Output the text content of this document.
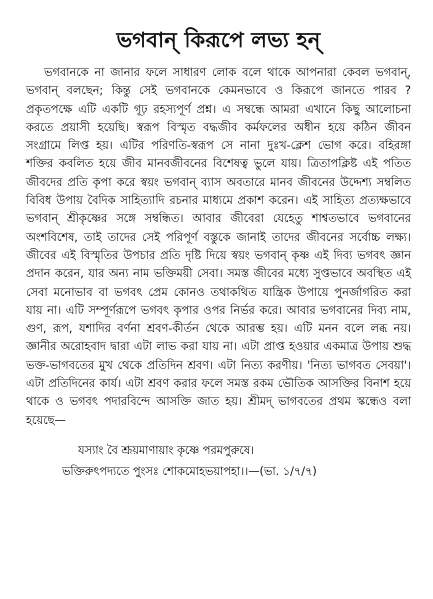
ভগবান্ কিরূপে লভ্য হন্

ভগবানকে না জানার ফলে সাধারণ লোক বলে থাকে আপনারা কেবল ভগবান্, ভগবান্ বলছেন; কিন্তু সেই ভগবানকে কেমনভাবে ও কিরূপে জানতে পারব ? প্রকৃতপক্ষে এটি একটি গূঢ় রহস্যপূর্ণ প্রশ্ন। এ সম্বন্ধে আমরা এখানে কিছু আলোচনা করতে প্রয়াসী হয়েছি। স্বরূপ বিস্মৃত বদ্ধজীব কর্মফলের অধীন হয়ে কঠিন জীবন সংগ্রামে লিপ্ত হয়। এটির পরিণতি-স্বরূপ সে নানা দুঃখ-ক্লেশ ভোগ করে। বহিরঙ্গা শক্তির কবলিত হয়ে জীব মানবজীবনের বিশেষত্ব ভুলে যায়। ত্রিতাপক্লিষ্ট এই পতিত জীবদের প্রতি কৃপা করে স্বয়ং ভগবান্ ব্যাস অবতারে মানব জীবনের উদ্দেশ্য সম্বলিত বিবিধ উপায় বৈদিক সাহিত্যাদি রচনার মাধ্যমে প্রকাশ করেন। এই সাহিত্য প্রত্যক্ষভাবে ভগবান্ শ্রীকৃষ্ণের সঙ্গে সম্বন্ধিত। আবার জীবেরা যেহেতু শাশ্বতভাবে ভগবানের অংশবিশেষ, তাই তাদের সেই পরিপূর্ণ বস্তুকে জানাই তাদের জীবনের সর্বোচ্চ লক্ষ্য। জীবের এই বিস্মৃতির উপচার প্রতি দৃষ্টি দিয়ে স্বয়ং ভগবান্ কৃষ্ণ এই দিব্য ভগবৎ জ্ঞান প্রদান করেন, যার অন্য নাম ভক্তিময়ী সেবা। সমস্ত জীবের মধ্যে সুপ্তভাবে অবস্থিত এই সেবা মনোভাব বা ভগবৎ প্রেম কোনও তথাকথিত যান্ত্রিক উপায়ে পুনর্জাগরিত করা যায় না। এটি সম্পূর্ণরূপে ভগবৎ কৃপার ওপর নির্ভর করে। আবার ভগবানের দিব্য নাম, গুণ, রূপ, যশাদির বর্ণনা শ্রবণ-কীর্তন থেকে আরম্ভ হয়। এটি মনন বলে লব্ধ নয়। জ্ঞানীর অরোহবাদ দ্বারা এটা লাভ করা যায় না। এটা প্রাপ্ত হওয়ার একমাত্র উপায় শুদ্ধ ভক্ত-ভাগবতের মুখ থেকে প্রতিদিন শ্রবণ। এটা নিত্য করণীয়। 'নিত্য ভাগবত সেবয়া'। এটা প্রতিদিনের কার্য। এটা শ্রবণ করার ফলে সমস্ত রকম ভৌতিক আসক্তির বিনাশ হয়ে থাকে ও ভগবৎ পদারবিন্দে আসক্তি জাত হয়। শ্রীমদ্ ভাগবতের প্রথম স্কন্ধেও বলা হয়েছে—

যস্যাং বৈ শ্রূয়মাণায়াং কৃষ্ণে পরমপুরুষে।
ভক্তিরুৎপদ্যতে পুংসঃ শোকমোহভয়াপহা।।—(ভা. ১/৭/৭)
